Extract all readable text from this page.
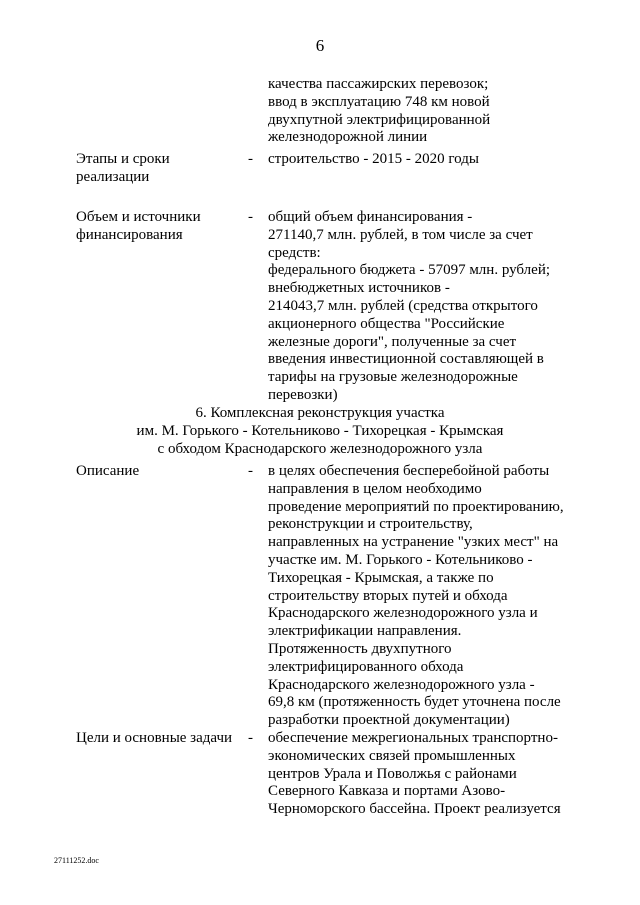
6
качества пассажирских перевозок;
ввод в эксплуатацию 748 км новой
двухпутной электрифицированной
железнодорожной линии
Этапы и сроки
реализации
- строительство - 2015 - 2020 годы
Объем и источники
финансирования
- общий объем финансирования -
271140,7 млн. рублей, в том числе за счет
средств:
федерального бюджета - 57097 млн. рублей;
внебюджетных источников -
214043,7 млн. рублей (средства открытого
акционерного общества "Российские
железные дороги", полученные за счет
введения инвестиционной составляющей в
тарифы на грузовые железнодорожные
перевозки)
6. Комплексная реконструкция участка
им. М. Горького - Котельниково - Тихорецкая - Крымская
с обходом Краснодарского железнодорожного узла
Описание	- в целях обеспечения бесперебойной работы
направления в целом необходимо
проведение мероприятий по проектированию,
реконструкции и строительству,
направленных на устранение "узких мест" на
участке им. М. Горького - Котельниково -
Тихорецкая - Крымская, а также по
строительству вторых путей и обхода
Краснодарского железнодорожного узла и
электрификации направления.
Протяженность двухпутного
электрифицированного обхода
Краснодарского железнодорожного узла -
69,8 км (протяженность будет уточнена после
разработки проектной документации)
Цели и основные задачи - обеспечение межрегиональных транспортно-
экономических связей промышленных
центров Урала и Поволжья с районами
Северного Кавказа и портами Азово-
Черноморского бассейна. Проект реализуется
27111252.doc
